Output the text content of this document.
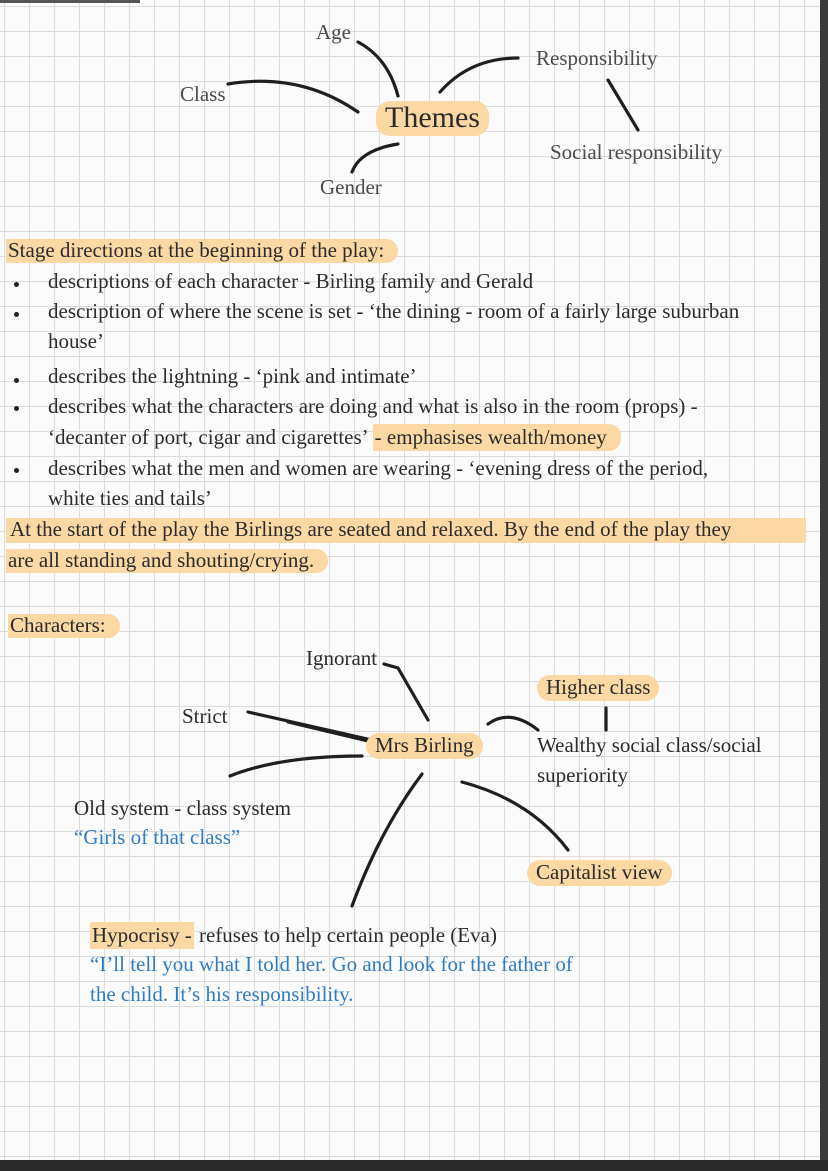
Age
Class
Responsibility
Themes
Social responsibility
Gender
Stage directions at the beginning of the play:
descriptions of each character - Birling family and Gerald
description of where the scene is set - ‘the dining - room of a fairly large suburban
house’
describes the lightning - ‘pink and intimate’
describes what the characters are doing and what is also in the room (props) -
‘decanter of port, cigar and cigarettes’ - emphasises wealth/money
describes what the men and women are wearing - ‘evening dress of the period,
white ties and tails’
At the start of the play the Birlings are seated and relaxed. By the end of the play they
are all standing and shouting/crying.
Characters:
Ignorant
Higher class
Strict
Mrs Birling	Wealthy social class/social
superiority
Old system - class system
“Girls of that class”
Capitalist view
Hypocrisy - refuses to help certain people (Eva)
“I’ll tell you what I told her. Go and look for the father of
the child. It’s his responsibility.
